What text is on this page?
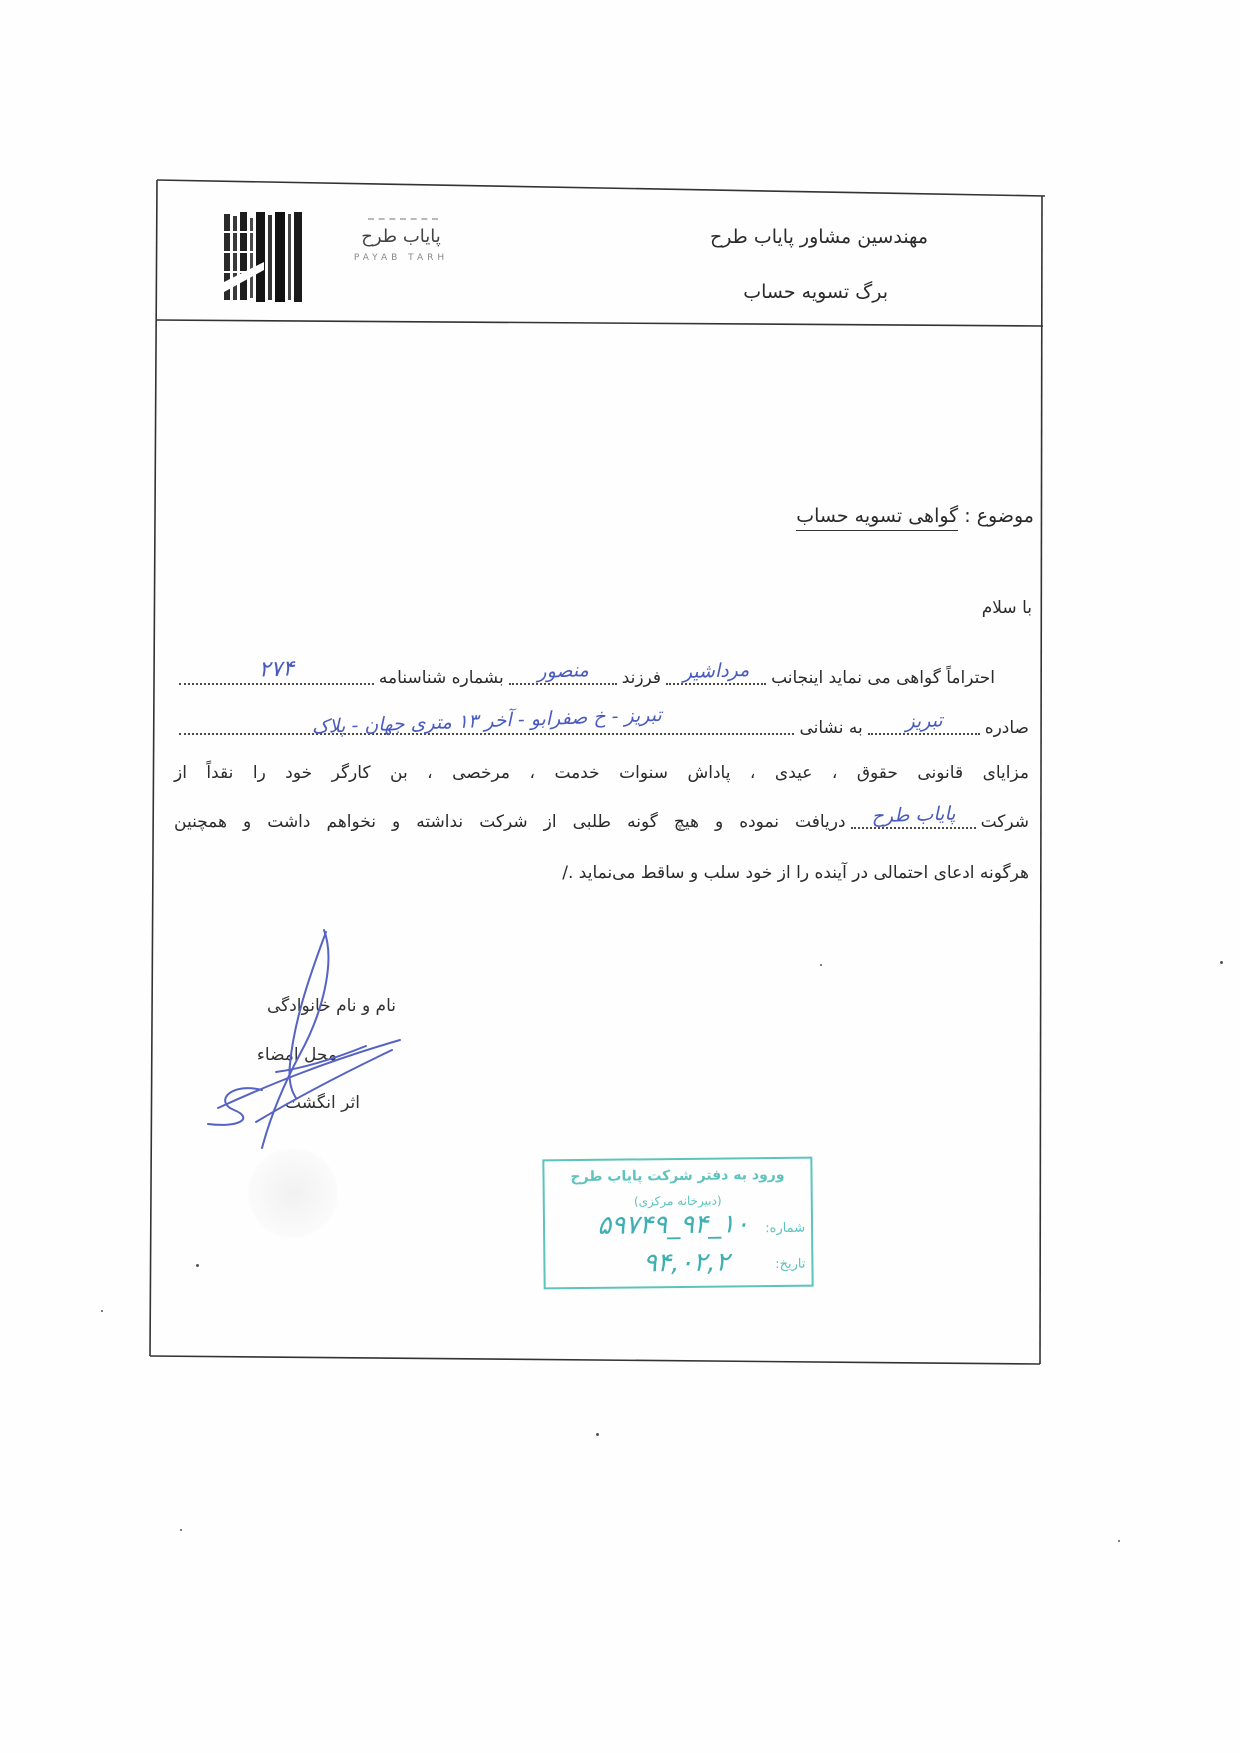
مهندسین مشاور پایاب طرح
برگ تسویه حساب
پایاب طرح
PAYAB TARH
موضوع : گواهی تسویه حساب
با سلام
احتراماً گواهی می نماید اینجانب
مرداشیر
فرزند
منصور
بشماره شناسنامه
۲۷۴
صادره
تبریز
به نشانی
تبریز - خ صفرابو - آخر ۱۳ متری جهان - پلاک
مزایای قانونی حقوق ، عیدی ، پاداش سنوات خدمت ، مرخصی ، بن کارگر خود را نقداً از
شرکت
پایاب طرح
دریافت نموده و هیچ گونه طلبی از شرکت نداشته و نخواهم داشت و همچنین
هرگونه ادعای احتمالی در آینده را از خود سلب و ساقط می‌نماید ./
نام و نام خانوادگی
محل امضاء
اثر انگشت
ورود به دفتر شرکت پایاب طرح
(دبیرخانه مرکزی)
شماره:
۱۰_۹۴_۵۹۷۴۹
تاریخ:
۹۴,۰۲,۲
